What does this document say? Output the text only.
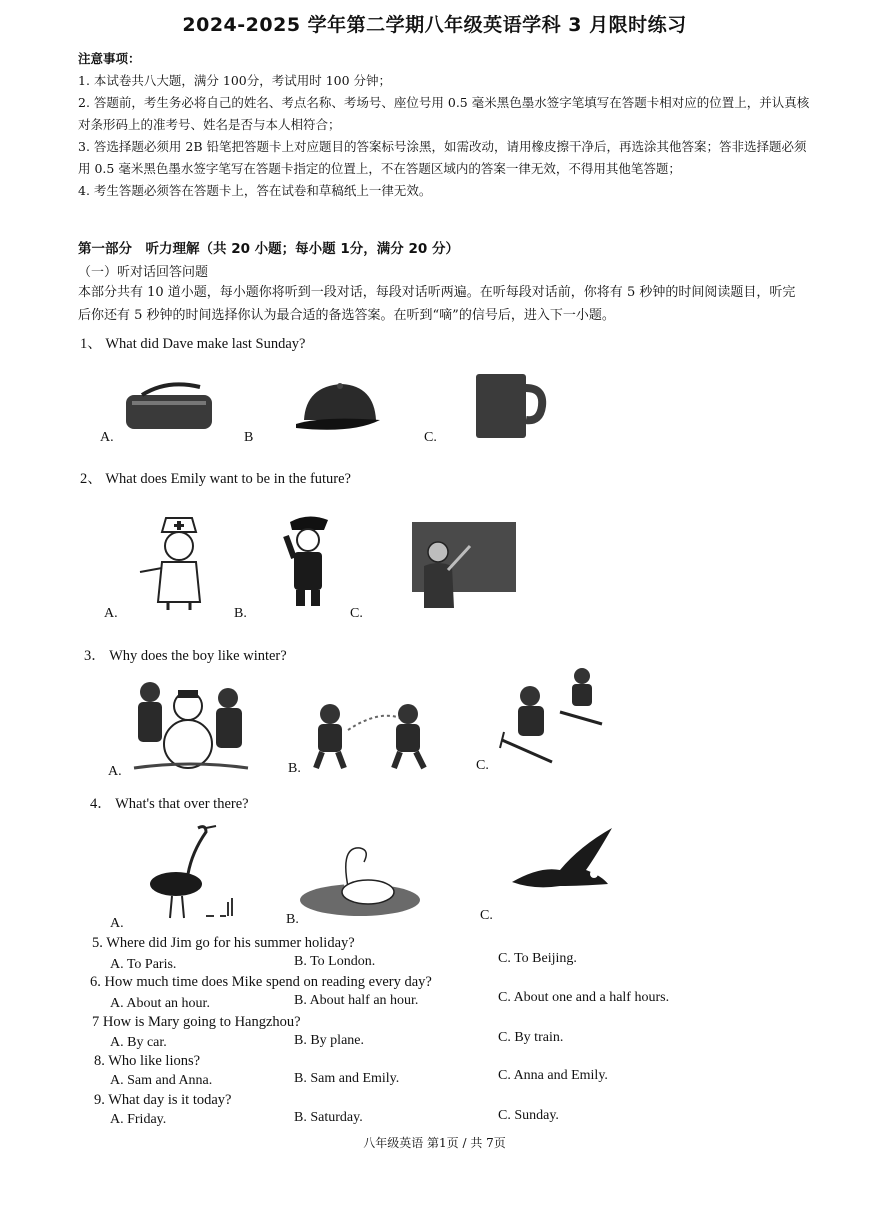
2024-2025 学年第二学期八年级英语学科 3 月限时练习
注意事项：
1. 本试卷共八大题，满分 100分，考试用时 100 分钟；
2. 答题前，考生务必将自己的姓名、考点名称、考场号、座位号用 0.5 毫米黑色墨水签字笔填写在答题卡相对应的位置上，并认真核对条形码上的准考号、姓名是否与本人相符合；
3. 答选择题必须用 2B 铅笔把答题卡上对应题目的答案标号涂黑，如需改动，请用橡皮擦干净后，再选涂其他答案；答非选择题必须用 0.5 毫米黑色墨水签字笔写在答题卡指定的位置上，不在答题区域内的答案一律无效，不得用其他笔答题；
4. 考生答题必须答在答题卡上，答在试卷和草稿纸上一律无效。
第一部分　听力理解（共 20 小题；每小题 1分，满分 20 分）
（一）听对话回答问题
本部分共有 10 道小题，每小题你将听到一段对话，每段对话听两遍。在听每段对话前，你将有 5 秒钟的时间阅读题目，听完后你还有 5 秒钟的时间选择你认为最合适的备选答案。在听到“嘀”的信号后，进入下一小题。
1、 What did Dave make last Sunday?
A.	B	C.
2、 What does Emily want to be in the future?
A.	B.	C.
3． Why does the boy like winter?
A.	B.	C.
4． What's that over there?
A.	B.	C.
5. Where did Jim go for his summer holiday?
A. To Paris.	B. To London.	C. To Beijing.
6. How much time does Mike spend on reading every day?
A. About an hour.	B. About half an hour.	C. About one and a half hours.
7 How is Mary going to Hangzhou?
A. By car.	B. By plane.	C. By train.
8. Who like lions?
A. Sam and Anna.	B. Sam and Emily.	C. Anna and Emily.
9. What day is it today?
A. Friday.	B. Saturday.	C. Sunday.
八年级英语 第1页 / 共 7页
